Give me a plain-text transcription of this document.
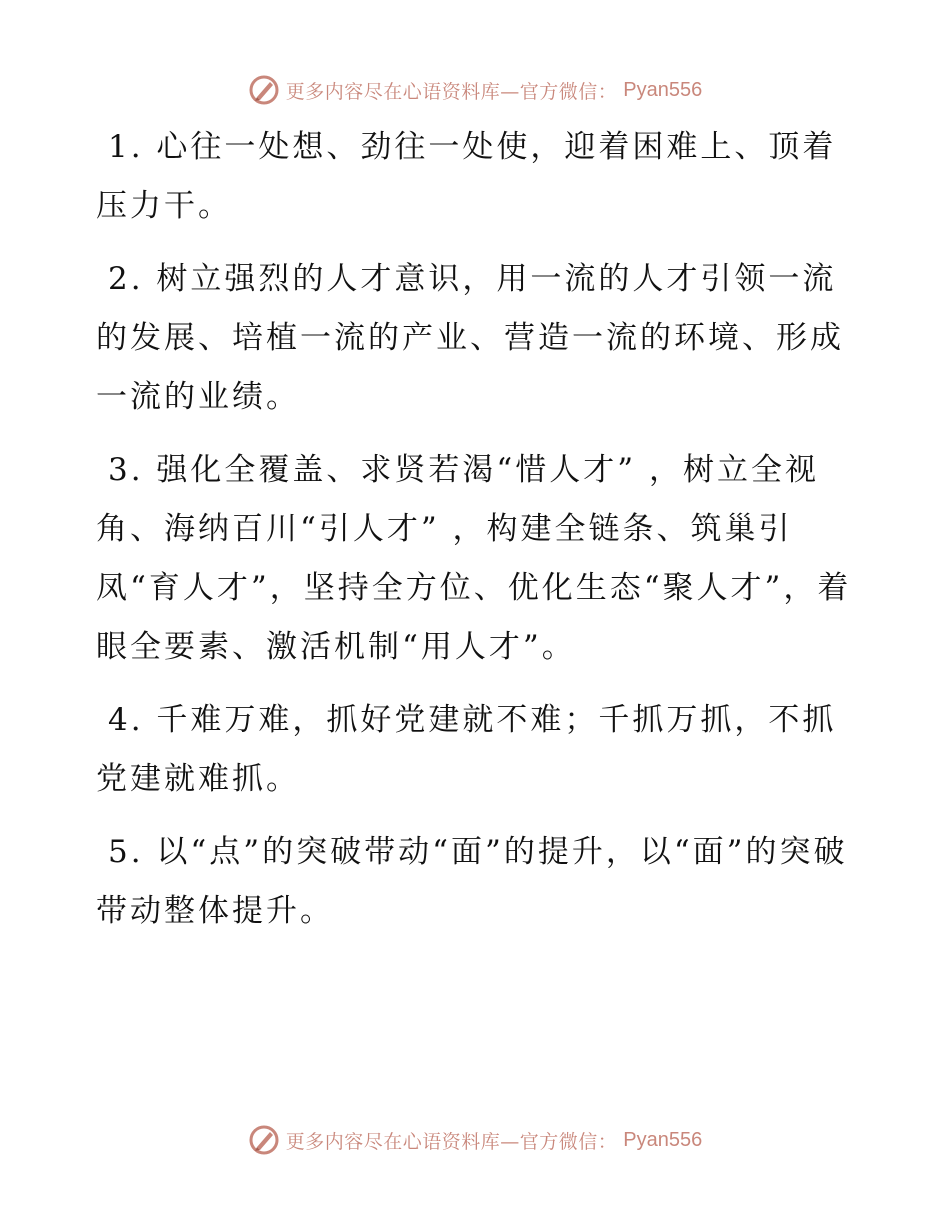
更多内容尽在心语资料库—官方微信： Pyan556

1. 心往一处想、劲往一处使，迎着困难上、顶着压力干。

2. 树立强烈的人才意识，用一流的人才引领一流的发展、培植一流的产业、营造一流的环境、形成一流的业绩。

3. 强化全覆盖、求贤若渴“惜人才” ，树立全视角、海纳百川“引人才” ，构建全链条、筑巢引凤“育人才”，坚持全方位、优化生态“聚人才”，着眼全要素、激活机制“用人才”。

4. 千难万难，抓好党建就不难；千抓万抓，不抓党建就难抓。

5. 以“点”的突破带动“面”的提升，以“面”的突破带动整体提升。

更多内容尽在心语资料库—官方微信： Pyan556
